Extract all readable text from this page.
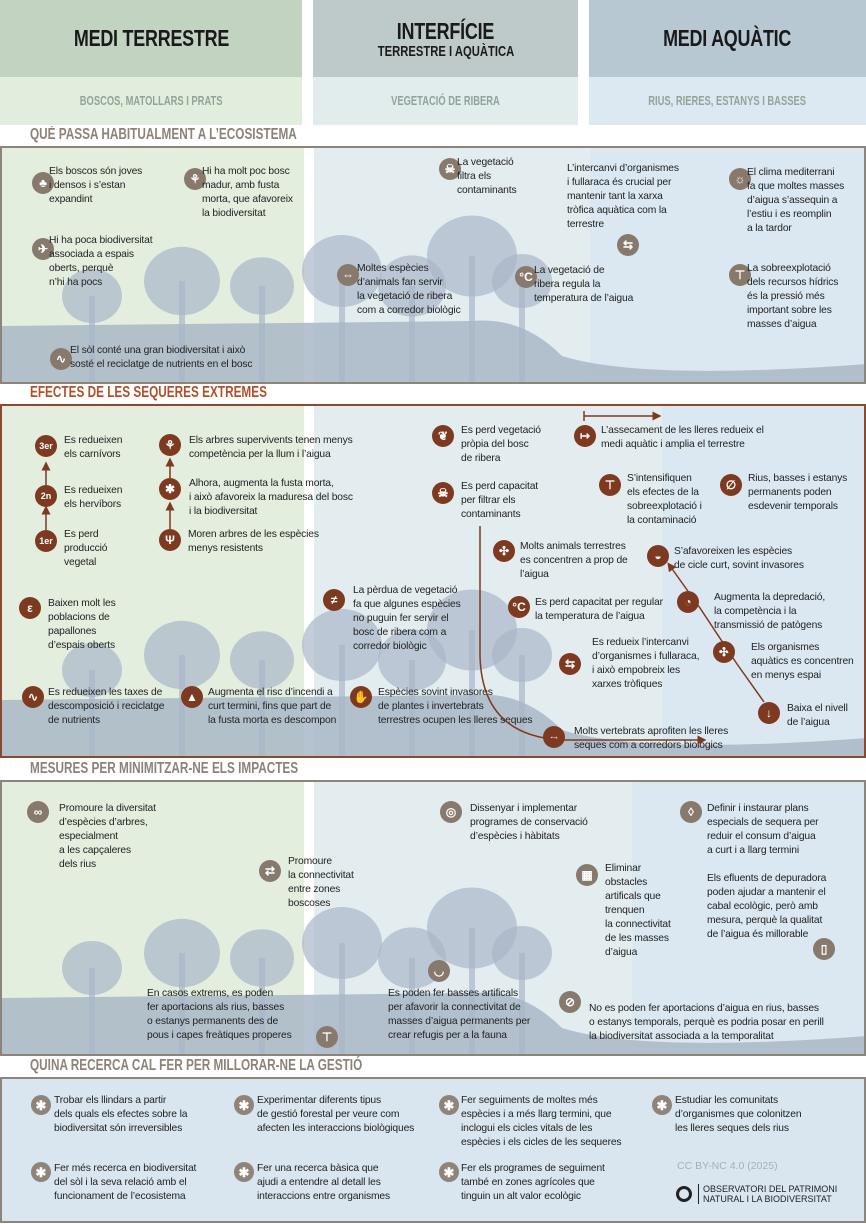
MEDI TERRESTRE	INTERFÍCIE
TERRESTRE I AQUÀTICA	MEDI AQUÀTIC
BOSCOS, MATOLLARS I PRATS	VEGETACIÓ DE RIBERA	RIUS, RIERES, ESTANYS I BASSES
QUÈ PASSA HABITUALMENT A L’ECOSISTEMA
EFECTES DE LES SEQUERES EXTREMES
MESURES PER MINIMITZAR-NE ELS IMPACTES
QUINA RECERCA CAL FER PER MILLORAR-NE LA GESTIÓ
♣
Els boscos són joves
i densos i s’estan
expandint
⚘
Hi ha molt poc bosc
madur, amb fusta
morta, que afavoreix
la biodiversitat
✈
Hi ha poca biodiversitat
associada a espais
oberts, perquè
n’hi ha pocs
⇔ Moltes espècies
d’animals fan servir
la vegetació de ribera
com a corredor biològic
☠ La vegetació
filtra els
contaminants
⇆
L’intercanvi d’organismes
i fullaraca és crucial per
mantenir tant la xarxa
tròfica aquàtica com la
terrestre
°C La vegetació de
ribera regula la
temperatura de l’aigua
☼ El clima mediterrani
fa que moltes masses
d’aigua s’assequin a
l’estiu i es reomplin
a la tardor
⊤ La sobreexplotació
dels recursos hídrics
és la pressió més
important sobre les
masses d’aigua
∿
El sòl conté una gran biodiversitat i això
sosté el reciclatge de nutrients en el bosc
3er Es redueixen
els carnívors
2n Es redueixen
els hervíbors
1er
Es perd
producció
vegetal
⚘	Els arbres supervivents tenen menys
competència per la llum i l’aigua
✱	Alhora, augmenta la fusta morta,
i això afavoreix la maduresa del bosc
i la biodiversitat
Ψ	Moren arbres de les espècies
menys resistents
ε	Baixen molt les
poblacions de
papallones
d’espais oberts
∿ Es redueixen les taxes de
descomposició i reciclatge
de nutrients
▲ Augmenta el risc d’incendi a
curt termini, fins que part de
la fusta morta es descompon
✋ Espècies sovint invasores
de plantes i invertebrats
terrestres ocupen les lleres seques
≠
La pèrdua de vegetació
fa que algunes espècies
no puguin fer servir el
bosc de ribera com a
corredor biològic
❦	Es perd vegetació
pròpia del bosc
de ribera
☠	Es perd capacitat
per filtrar els
contaminants
↦	L’assecament de les lleres redueix el
medi aquàtic i amplia el terrestre
⊤	S’intensifiquen
els efectes de la
sobreexplotació i
la contaminació
∅	Rius, basses i estanys
permanents poden
esdevenir temporals
✣	Molts animals terrestres
es concentren a prop de
l’aigua
°C Es perd capacitat per regular
la temperatura de l’aigua
⇆
Es redueix l’intercanvi
d’organismes i fullaraca,
i això empobreix les
xarxes tròfiques
◒	S’afavoreixen les espècies
de cicle curt, sovint invasores
◔	Augmenta la depredació,
la competència i la
transmissió de patògens
✣	Els organismes
aquàtics es concentren
en menys espai
↓	Baixa el nivell
de l’aigua
⇔	Molts vertebrats aprofiten les lleres
seques com a corredors biològics
∞	Promoure la diversitat
d’espècies d’arbres,
especialment
a les capçaleres
dels rius	⇄
Promoure
la connectivitat
entre zones
boscoses
◎	Dissenyar i implementar
programes de conservació
d’espècies i hàbitats
▦	Eliminar
obstacles
artificals que
trenquen
la connectivitat
de les masses
d’aigua
◊	Definir i instaurar plans
especials de sequera per
reduir el consum d’aigua
a curt i a llarg termini
▯
Els efluents de depuradora
poden ajudar a mantenir el
cabal ecològic, però amb
mesura, perquè la qualitat
de l’aigua és millorable
⊤
En casos extrems, es poden
fer aportacions als rius, basses
o estanys permanents des de
pous i capes freàtiques properes
◡
Es poden fer basses artificals
per afavorir la connectivitat de
masses d’aigua permanents per
crear refugis per a la fauna
⊘	No es poden fer aportacions d’aigua en rius, basses
o estanys temporals, perquè es podria posar en perill
la biodiversitat associada a la temporalitat
✱ Trobar els llindars a partir
dels quals els efectes sobre la
biodiversitat són irreversibles
✱ Experimentar diferents tipus
de gestió forestal per veure com
afecten les interaccions biològiques
✱ Fer seguiments de moltes més
espècies i a més llarg termini, que
inclogui els cicles vitals de les
espècies i els cicles de les sequeres
✱ Estudiar les comunitats
d’organismes que colonitzen
les lleres seques dels rius
✱ Fer més recerca en biodiversitat
del sòl i la seva relació amb el
funcionament de l’ecosistema
✱ Fer una recerca bàsica que
ajudi a entendre al detall les
interaccions entre organismes
✱ Fer els programes de seguiment
també en zones agrícoles que
tinguin un alt valor ecològic
CC BY-NC 4.0 (2025)
OBSERVATORI DEL PATRIMONI
NATURAL I LA BIODIVERSITAT
